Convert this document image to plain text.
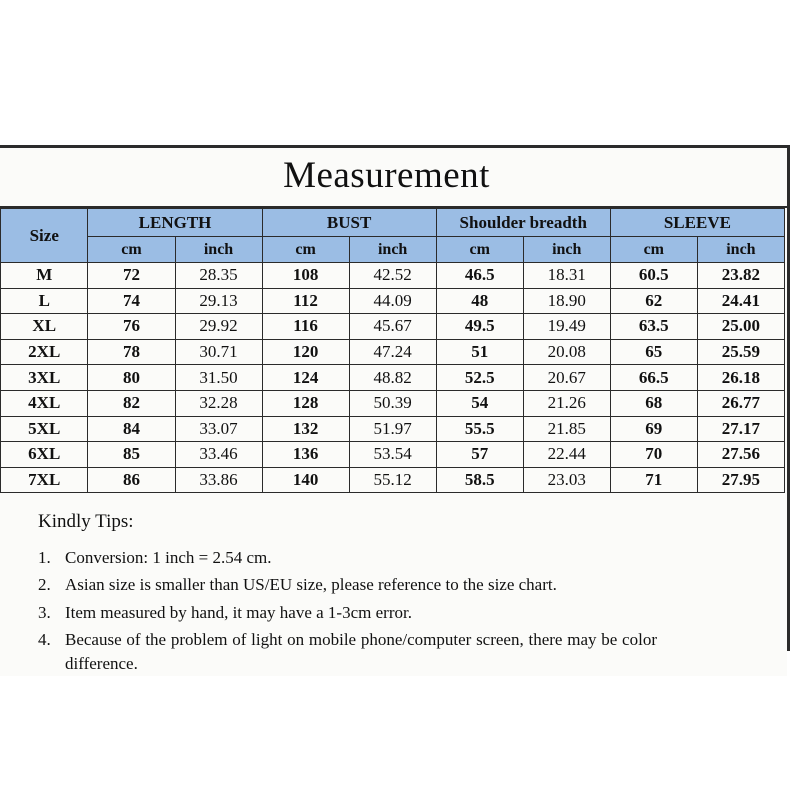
Measurement
Size	LENGTH		BUST		Shoulder breadth		SLEEVE	
	cm	inch	cm	inch	cm	inch	cm	inch
M	72	28.35	108	42.52	46.5	18.31	60.5	23.82
L	74	29.13	112	44.09	48	18.90	62	24.41
XL	76	29.92	116	45.67	49.5	19.49	63.5	25.00
2XL	78	30.71	120	47.24	51	20.08	65	25.59
3XL	80	31.50	124	48.82	52.5	20.67	66.5	26.18
4XL	82	32.28	128	50.39	54	21.26	68	26.77
5XL	84	33.07	132	51.97	55.5	21.85	69	27.17
6XL	85	33.46	136	53.54	57	22.44	70	27.56
7XL	86	33.86	140	55.12	58.5	23.03	71	27.95
Kindly Tips:
1. Conversion: 1 inch = 2.54 cm.
2. Asian size is smaller than US/EU size, please reference to the size chart.
3. Item measured by hand, it may have a 1-3cm error.
4. Because of the problem of light on mobile phone/computer screen, there may be color difference.
